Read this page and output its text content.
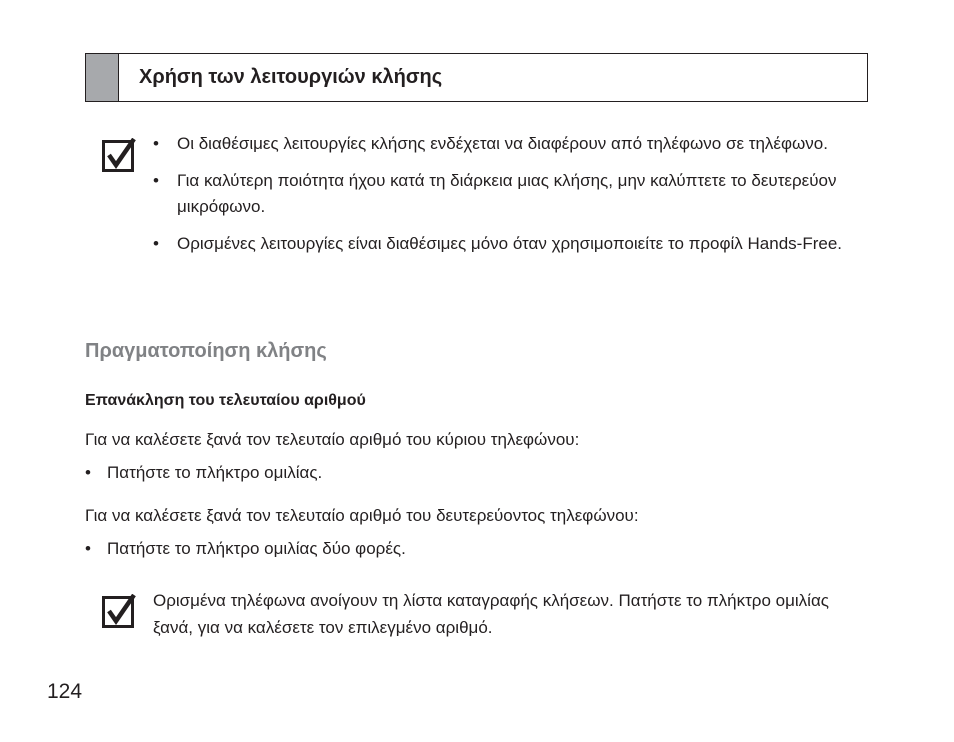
Χρήση των λειτουργιών κλήσης
• Οι διαθέσιμες λειτουργίες κλήσης ενδέχεται να διαφέρουν από τηλέφωνο σε τηλέφωνο.
• Για καλύτερη ποιότητα ήχου κατά τη διάρκεια μιας κλήσης, μην καλύπτετε το δευτερεύον μικρόφωνο.
• Ορισμένες λειτουργίες είναι διαθέσιμες μόνο όταν χρησιμοποιείτε το προφίλ Hands-Free.
Πραγματοποίηση κλήσης
Επανάκληση του τελευταίου αριθμού
Για να καλέσετε ξανά τον τελευταίο αριθμό του κύριου τηλεφώνου:
• Πατήστε το πλήκτρο ομιλίας.
Για να καλέσετε ξανά τον τελευταίο αριθμό του δευτερεύοντος τηλεφώνου:
• Πατήστε το πλήκτρο ομιλίας δύο φορές.
Ορισμένα τηλέφωνα ανοίγουν τη λίστα καταγραφής κλήσεων. Πατήστε το πλήκτρο ομιλίας ξανά, για να καλέσετε τον επιλεγμένο αριθμό.
124
